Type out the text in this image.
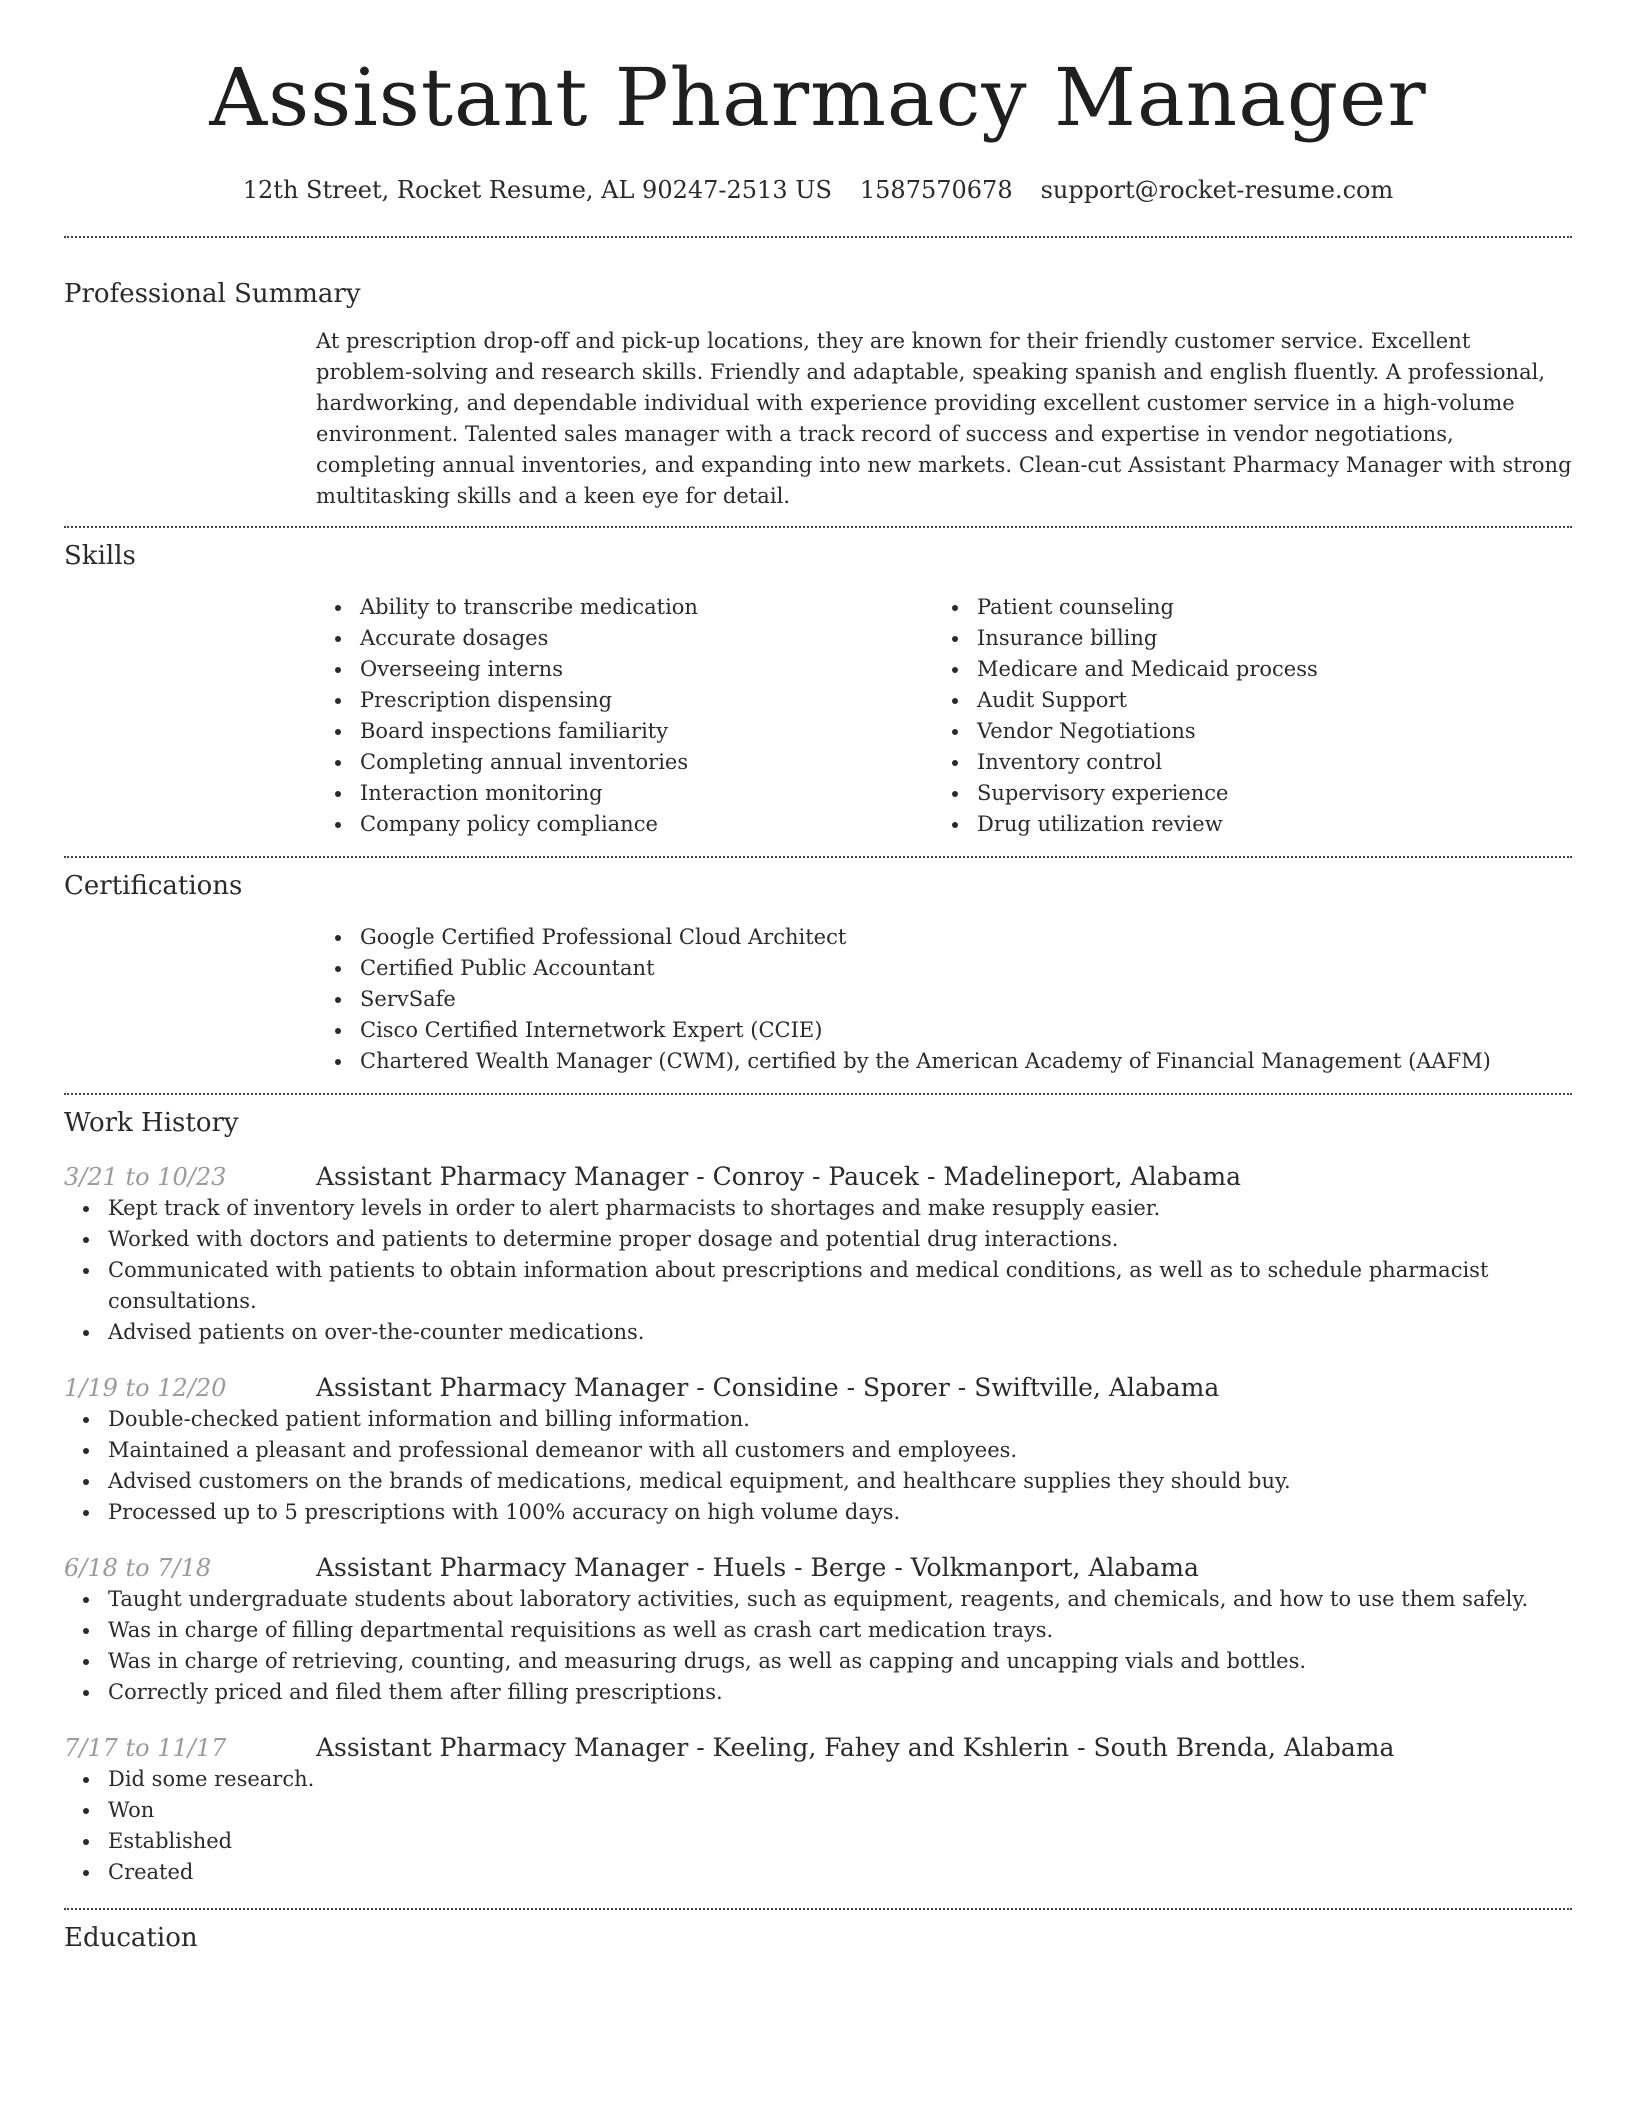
Assistant Pharmacy Manager
12th Street, Rocket Resume, AL 90247-2513 US 1587570678 support@rocket-resume.com
Professional Summary

At prescription drop-off and pick-up locations, they are known for their friendly customer service. Excellent problem-solving and research skills. Friendly and adaptable, speaking spanish and english fluently. A professional, hardworking, and dependable individual with experience providing excellent customer service in a high-volume environment. Talented sales manager with a track record of success and expertise in vendor negotiations, completing annual inventories, and expanding into new markets. Clean-cut Assistant Pharmacy Manager with strong multitasking skills and a keen eye for detail.

Skills
Ability to transcribe medication
Accurate dosages
Overseeing interns
Prescription dispensing
Board inspections familiarity
Completing annual inventories
Interaction monitoring
Company policy compliance
Patient counseling
Insurance billing
Medicare and Medicaid process
Audit Support
Vendor Negotiations
Inventory control
Supervisory experience
Drug utilization review
Certifications
Google Certified Professional Cloud Architect
Certified Public Accountant
ServSafe
Cisco Certified Internetwork Expert (CCIE)
Chartered Wealth Manager (CWM), certified by the American Academy of Financial Management (AAFM)
Work History
3/21 to 10/23	Assistant Pharmacy Manager - Conroy - Paucek - Madelineport, Alabama
Kept track of inventory levels in order to alert pharmacists to shortages and make resupply easier.
Worked with doctors and patients to determine proper dosage and potential drug interactions.
Communicated with patients to obtain information about prescriptions and medical conditions, as well as to schedule pharmacist consultations.
Advised patients on over-the-counter medications.
1/19 to 12/20	Assistant Pharmacy Manager - Considine - Sporer - Swiftville, Alabama
Double-checked patient information and billing information.
Maintained a pleasant and professional demeanor with all customers and employees.
Advised customers on the brands of medications, medical equipment, and healthcare supplies they should buy.
Processed up to 5 prescriptions with 100% accuracy on high volume days.
6/18 to 7/18	Assistant Pharmacy Manager - Huels - Berge - Volkmanport, Alabama
Taught undergraduate students about laboratory activities, such as equipment, reagents, and chemicals, and how to use them safely.
Was in charge of filling departmental requisitions as well as crash cart medication trays.
Was in charge of retrieving, counting, and measuring drugs, as well as capping and uncapping vials and bottles.
Correctly priced and filed them after filling prescriptions.
7/17 to 11/17	Assistant Pharmacy Manager - Keeling, Fahey and Kshlerin - South Brenda, Alabama
Did some research.
Won
Established
Created
Education
